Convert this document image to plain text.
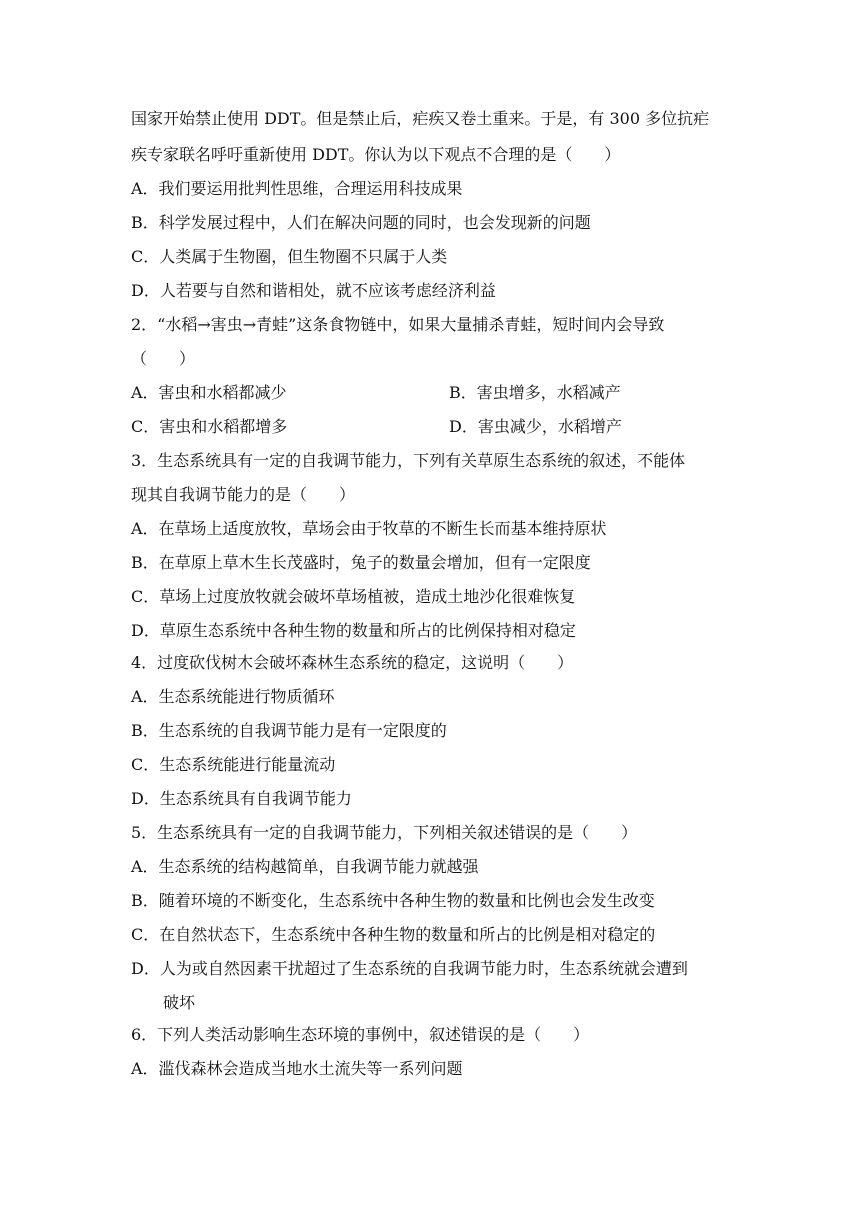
国家开始禁止使用 DDT。但是禁止后，疟疾又卷土重来。于是，有 300 多位抗疟
疾专家联名呼吁重新使用 DDT。你认为以下观点不合理的是（　　）
A．我们要运用批判性思维，合理运用科技成果
B．科学发展过程中，人们在解决问题的同时，也会发现新的问题
C．人类属于生物圈，但生物圈不只属于人类
D．人若要与自然和谐相处，就不应该考虑经济利益
2．“水稻→害虫→青蛙”这条食物链中，如果大量捕杀青蛙，短时间内会导致
（　　）
A．害虫和水稻都减少	B．害虫增多，水稻减产
C．害虫和水稻都增多	D．害虫减少，水稻增产
3．生态系统具有一定的自我调节能力，下列有关草原生态系统的叙述，不能体
现其自我调节能力的是（　　）
A．在草场上适度放牧，草场会由于牧草的不断生长而基本维持原状
B．在草原上草木生长茂盛时，兔子的数量会增加，但有一定限度
C．草场上过度放牧就会破坏草场植被，造成土地沙化很难恢复
D．草原生态系统中各种生物的数量和所占的比例保持相对稳定
4．过度砍伐树木会破坏森林生态系统的稳定，这说明（　　）
A．生态系统能进行物质循环
B．生态系统的自我调节能力是有一定限度的
C．生态系统能进行能量流动
D．生态系统具有自我调节能力
5．生态系统具有一定的自我调节能力，下列相关叙述错误的是（　　）
A．生态系统的结构越简单，自我调节能力就越强
B．随着环境的不断变化，生态系统中各种生物的数量和比例也会发生改变
C．在自然状态下，生态系统中各种生物的数量和所占的比例是相对稳定的
D．人为或自然因素干扰超过了生态系统的自我调节能力时，生态系统就会遭到
破坏
6．下列人类活动影响生态环境的事例中，叙述错误的是（　　）
A．滥伐森林会造成当地水土流失等一系列问题
